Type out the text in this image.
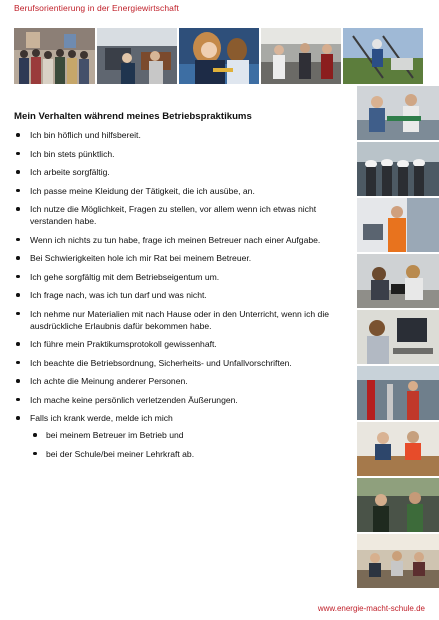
Berufsorientierung in der Energiewirtschaft
Mein Verhalten während meines Betriebspraktikums
Ich bin höflich und hilfsbereit.
Ich bin stets pünktlich.
Ich arbeite sorgfältig.
Ich passe meine Kleidung der Tätigkeit, die ich ausübe, an.
Ich nutze die Möglichkeit, Fragen zu stellen, vor allem wenn ich etwas nicht verstanden habe.
Wenn ich nichts zu tun habe, frage ich meinen Betreuer nach einer Aufgabe.
Bei Schwierigkeiten hole ich mir Rat bei meinem Betreuer.
Ich gehe sorgfältig mit dem Betriebseigentum um.
Ich frage nach, was ich tun darf und was nicht.
Ich nehme nur Materialien mit nach Hause oder in den Unterricht, wenn ich die ausdrückliche Erlaubnis dafür bekommen habe.
Ich führe mein Praktikumsprotokoll gewissenhaft.
Ich beachte die Betriebsordnung, Sicherheits- und Unfallvorschriften.
Ich achte die Meinung anderer Personen.
Ich mache keine persönlich verletzenden Äußerungen.
Falls ich krank werde, melde ich mich
bei meinem Betreuer im Betrieb und
bei der Schule/bei meiner Lehrkraft ab.
www.energie-macht-schule.de
